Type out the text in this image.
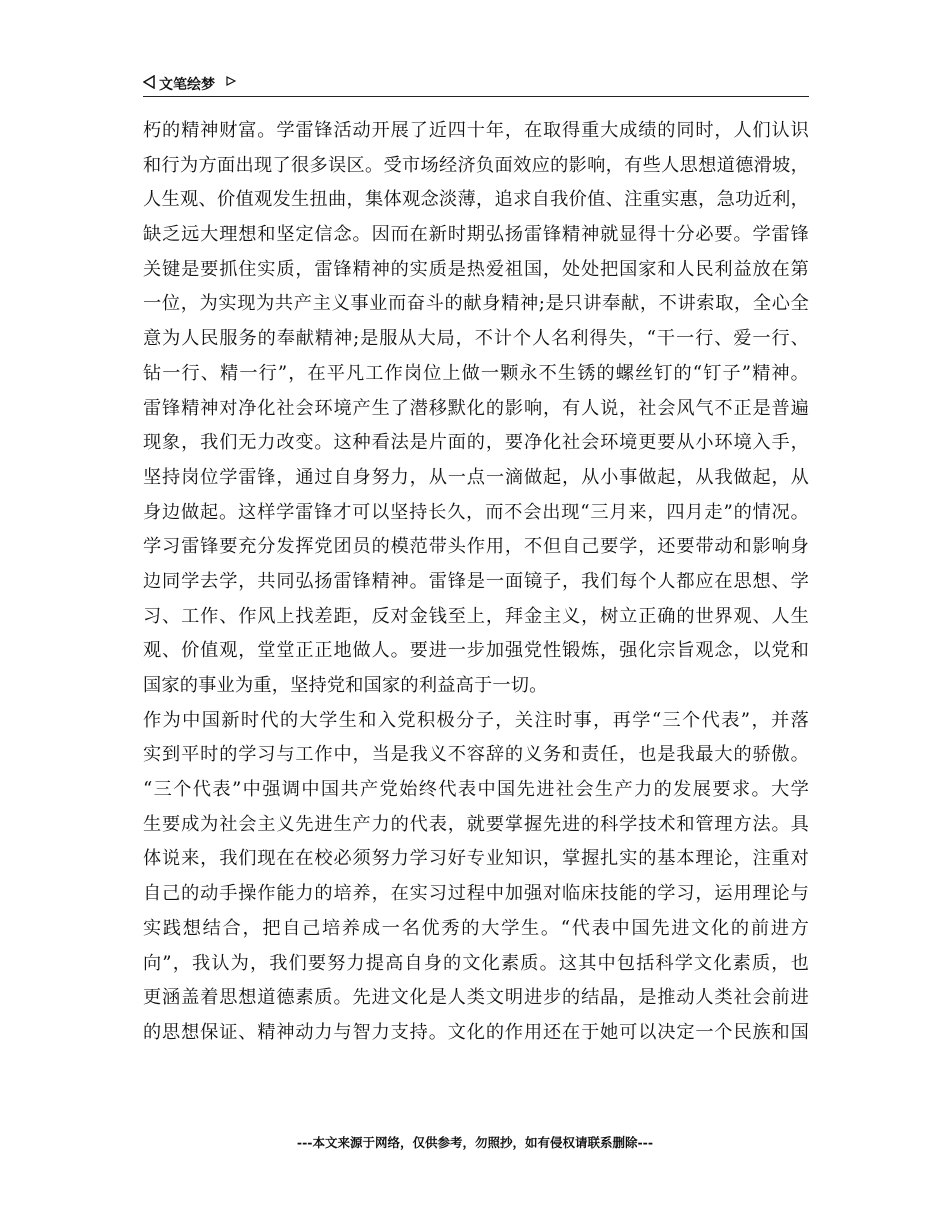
文笔绘梦
朽的精神财富。学雷锋活动开展了近四十年，在取得重大成绩的同时，人们认识
和行为方面出现了很多误区。受市场经济负面效应的影响，有些人思想道德滑坡，
人生观、价值观发生扭曲，集体观念淡薄，追求自我价值、注重实惠，急功近利，
缺乏远大理想和坚定信念。因而在新时期弘扬雷锋精神就显得十分必要。学雷锋
关键是要抓住实质，雷锋精神的实质是热爱祖国，处处把国家和人民利益放在第
一位，为实现为共产主义事业而奋斗的献身精神;是只讲奉献，不讲索取，全心全
意为人民服务的奉献精神;是服从大局，不计个人名利得失，“干一行、爱一行、
钻一行、精一行”，在平凡工作岗位上做一颗永不生锈的螺丝钉的“钉子”精神。
雷锋精神对净化社会环境产生了潜移默化的影响，有人说，社会风气不正是普遍
现象，我们无力改变。这种看法是片面的，要净化社会环境更要从小环境入手，
坚持岗位学雷锋，通过自身努力，从一点一滴做起，从小事做起，从我做起，从
身边做起。这样学雷锋才可以坚持长久，而不会出现“三月来，四月走”的情况。
学习雷锋要充分发挥党团员的模范带头作用，不但自己要学，还要带动和影响身
边同学去学，共同弘扬雷锋精神。雷锋是一面镜子，我们每个人都应在思想、学
习、工作、作风上找差距，反对金钱至上，拜金主义，树立正确的世界观、人生
观、价值观，堂堂正正地做人。要进一步加强党性锻炼，强化宗旨观念，以党和
国家的事业为重，坚持党和国家的利益高于一切。
作为中国新时代的大学生和入党积极分子，关注时事，再学“三个代表”，并落
实到平时的学习与工作中，当是我义不容辞的义务和责任，也是我最大的骄傲。
“三个代表”中强调中国共产党始终代表中国先进社会生产力的发展要求。大学
生要成为社会主义先进生产力的代表，就要掌握先进的科学技术和管理方法。具
体说来，我们现在在校必须努力学习好专业知识，掌握扎实的基本理论，注重对
自己的动手操作能力的培养，在实习过程中加强对临床技能的学习，运用理论与
实践想结合，把自己培养成一名优秀的大学生。“代表中国先进文化的前进方
向”，我认为，我们要努力提高自身的文化素质。这其中包括科学文化素质，也
更涵盖着思想道德素质。先进文化是人类文明进步的结晶，是推动人类社会前进
的思想保证、精神动力与智力支持。文化的作用还在于她可以决定一个民族和国
---本文来源于网络，仅供参考，勿照抄，如有侵权请联系删除---
